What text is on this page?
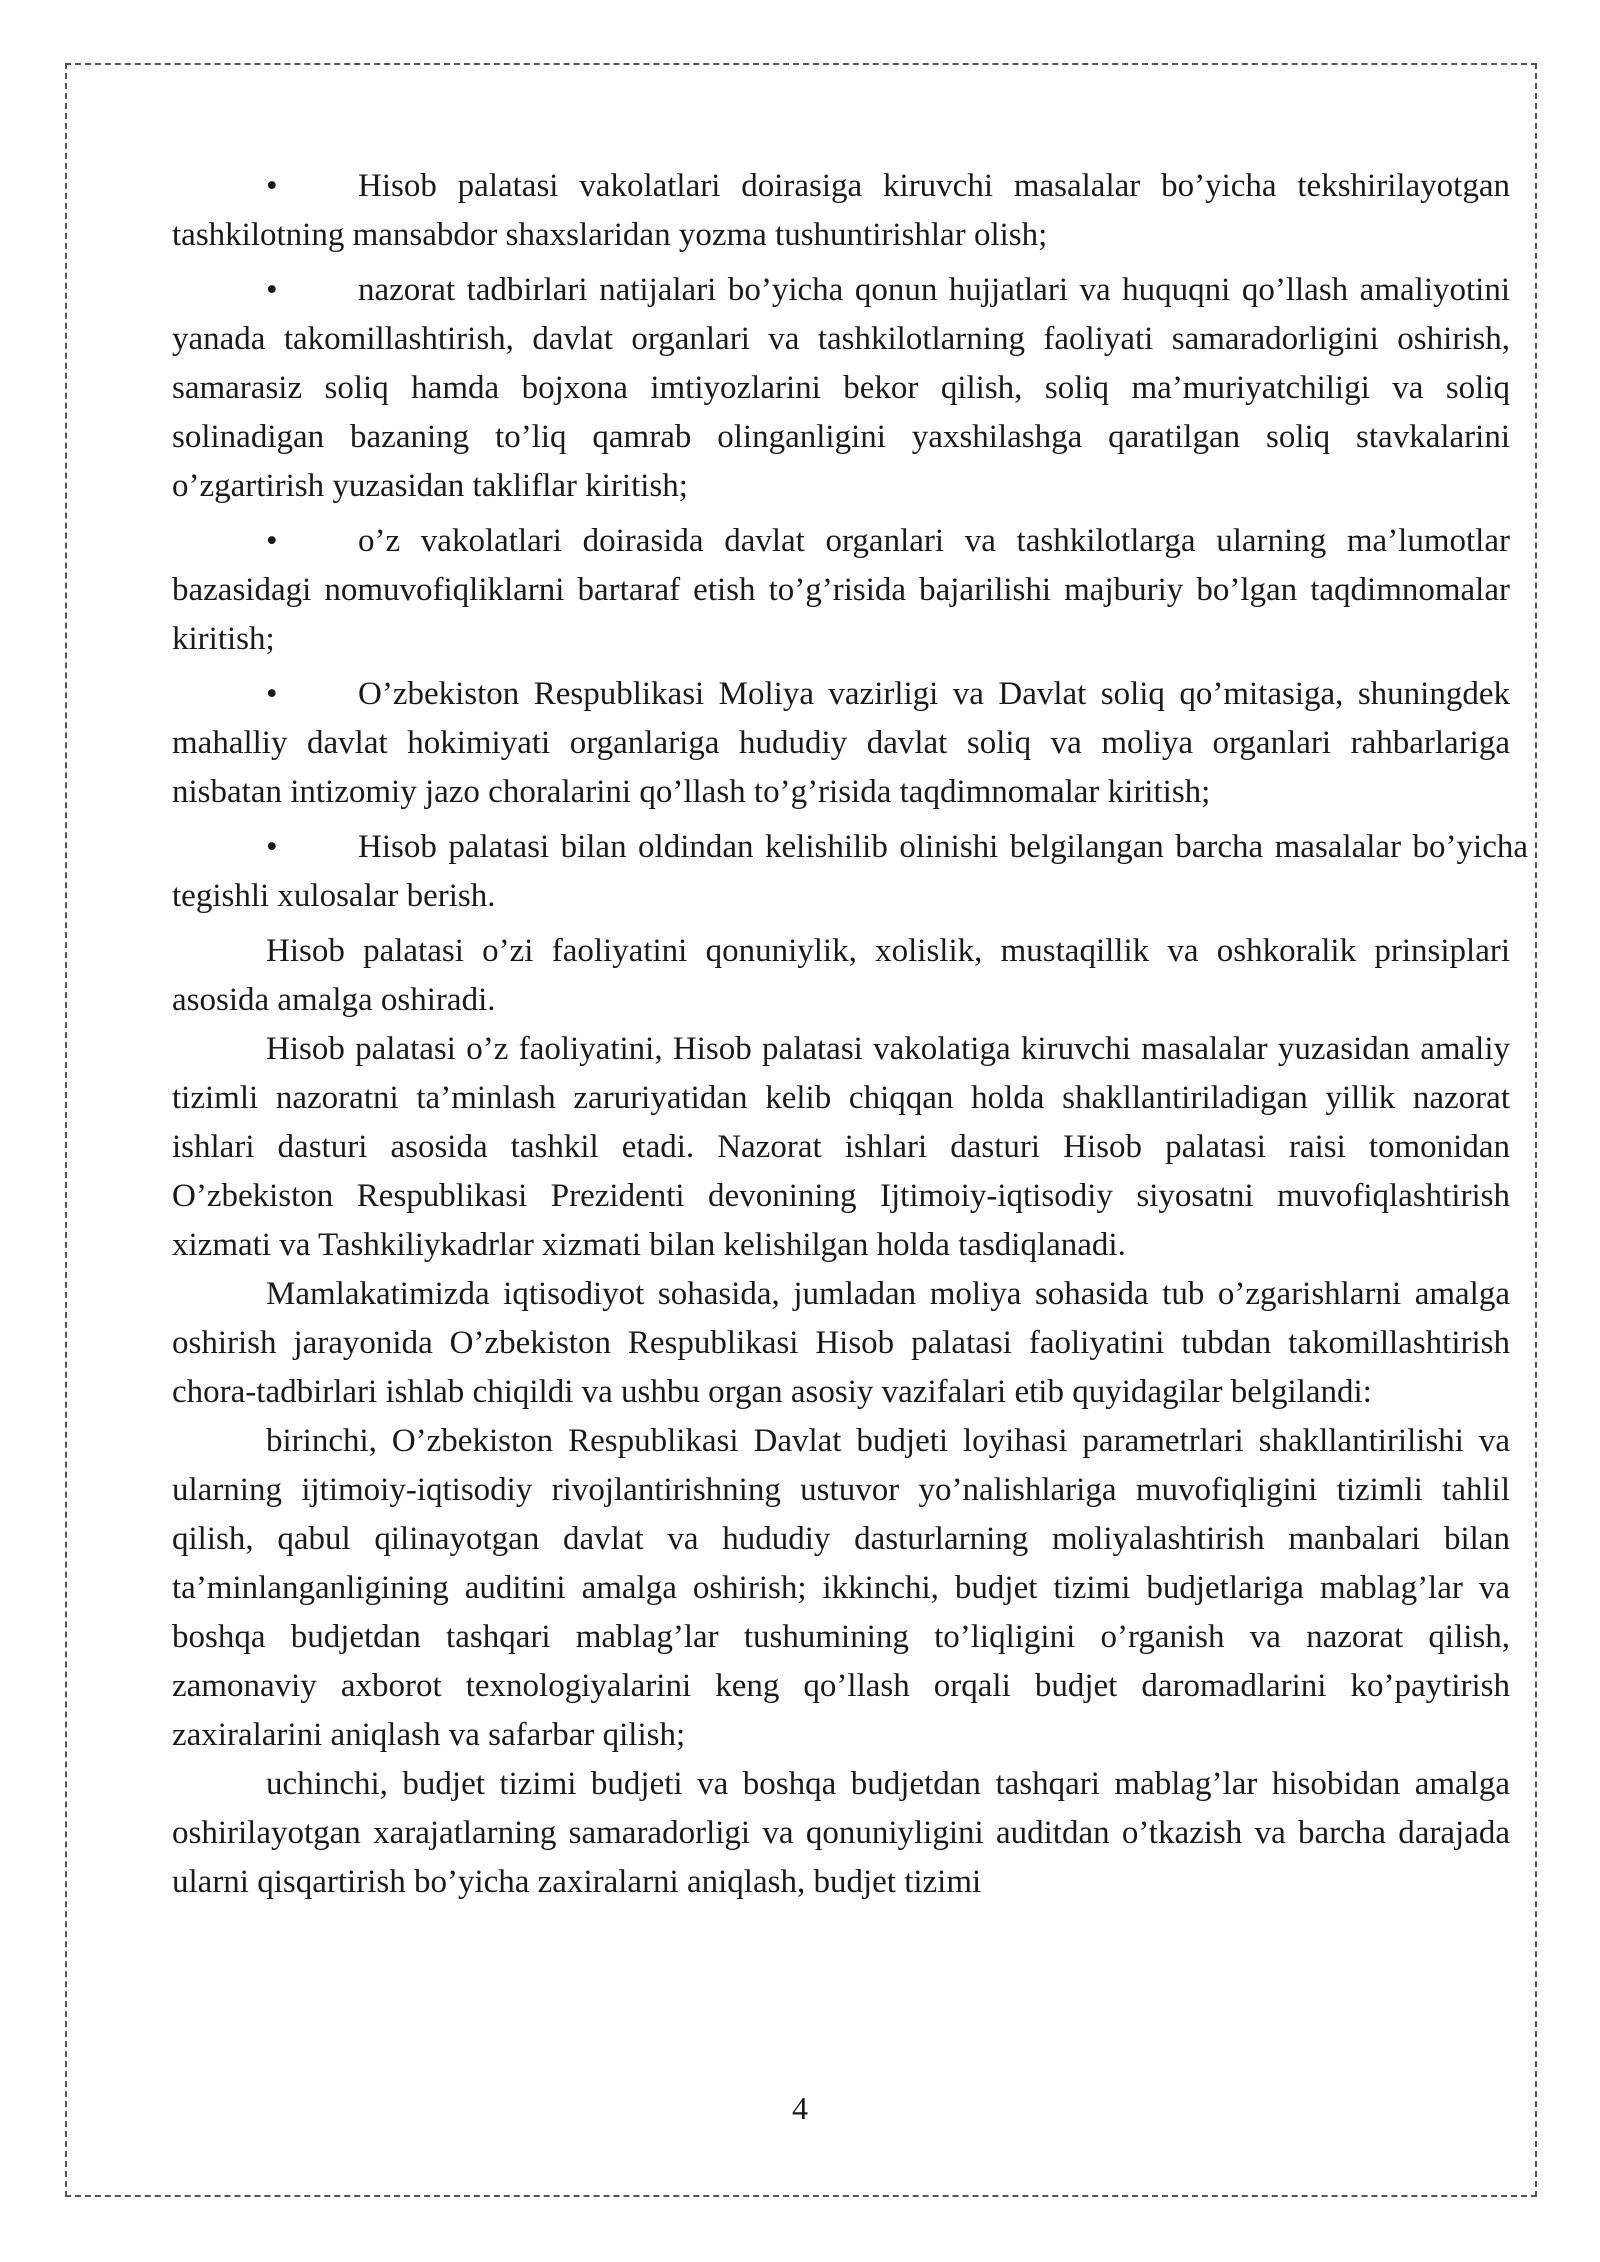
• Hisob palatasi vakolatlari doirasiga kiruvchi masalalar bo’yicha tekshirilayotgan tashkilotning mansabdor shaxslaridan yozma tushuntirishlar olish;

• nazorat tadbirlari natijalari bo’yicha qonun hujjatlari va huquqni qo’llash amaliyotini yanada takomillashtirish, davlat organlari va tashkilotlarning faoliyati samaradorligini oshirish, samarasiz soliq hamda bojxona imtiyozlarini bekor qilish, soliq ma’muriyatchiligi va soliq solinadigan bazaning to’liq qamrab olinganligini yaxshilashga qaratilgan soliq stavkalarini o’zgartirish yuzasidan takliflar kiritish;

• o’z vakolatlari doirasida davlat organlari va tashkilotlarga ularning ma’lumotlar bazasidagi nomuvofiqliklarni bartaraf etish to’g’risida bajarilishi majburiy bo’lgan taqdimnomalar kiritish;

• O’zbekiston Respublikasi Moliya vazirligi va Davlat soliq qo’mitasiga, shuningdek mahalliy davlat hokimiyati organlariga hududiy davlat soliq va moliya organlari rahbarlariga nisbatan intizomiy jazo choralarini qo’llash to’g’risida taqdimnomalar kiritish;

• Hisob palatasi bilan oldindan kelishilib olinishi belgilangan barcha masalalar bo’yicha tegishli xulosalar berish.

Hisob palatasi o’zi faoliyatini qonuniylik, xolislik, mustaqillik va oshkoralik prinsiplari asosida amalga oshiradi.

Hisob palatasi o’z faoliyatini, Hisob palatasi vakolatiga kiruvchi masalalar yuzasidan amaliy tizimli nazoratni ta’minlash zaruriyatidan kelib chiqqan holda shakllantiriladigan yillik nazorat ishlari dasturi asosida tashkil etadi. Nazorat ishlari dasturi Hisob palatasi raisi tomonidan O’zbekiston Respublikasi Prezidenti devonining Ijtimoiy-iqtisodiy siyosatni muvofiqlashtirish xizmati va Tashkiliykadrlar xizmati bilan kelishilgan holda tasdiqlanadi.

Mamlakatimizda iqtisodiyot sohasida, jumladan moliya sohasida tub o’zgarishlarni amalga oshirish jarayonida O’zbekiston Respublikasi Hisob palatasi faoliyatini tubdan takomillashtirish chora-tadbirlari ishlab chiqildi va ushbu organ asosiy vazifalari etib quyidagilar belgilandi:

birinchi, O’zbekiston Respublikasi Davlat budjeti loyihasi parametrlari shakllantirilishi va ularning ijtimoiy-iqtisodiy rivojlantirishning ustuvor yo’nalishlariga muvofiqligini tizimli tahlil qilish, qabul qilinayotgan davlat va hududiy dasturlarning moliyalashtirish manbalari bilan ta’minlanganligining auditini amalga oshirish; ikkinchi, budjet tizimi budjetlariga mablag’lar va boshqa budjetdan tashqari mablag’lar tushumining to’liqligini o’rganish va nazorat qilish, zamonaviy axborot texnologiyalarini keng qo’llash orqali budjet daromadlarini ko’paytirish zaxiralarini aniqlash va safarbar qilish;

uchinchi, budjet tizimi budjeti va boshqa budjetdan tashqari mablag’lar hisobidan amalga oshirilayotgan xarajatlarning samaradorligi va qonuniyligini auditdan o’tkazish va barcha darajada ularni qisqartirish bo’yicha zaxiralarni aniqlash, budjet tizimi

4
